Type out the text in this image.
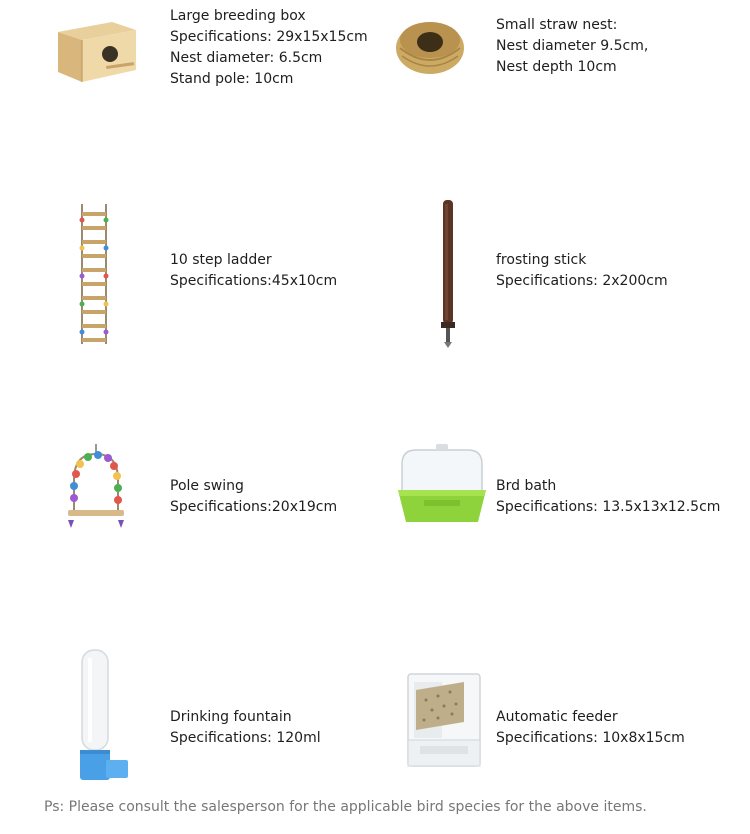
Large breeding box
Specifications: 29x15x15cm
Nest diameter: 6.5cm
Stand pole: 10cm
Small straw nest:
Nest diameter 9.5cm,
Nest depth 10cm
10 step ladder
Specifications:45x10cm
frosting stick
Specifications: 2x200cm
Pole swing
Specifications:20x19cm
Brd bath
Specifications: 13.5x13x12.5cm
Drinking fountain
Specifications: 120ml
Automatic feeder
Specifications: 10x8x15cm
Ps: Please consult the salesperson for the applicable bird species for the above items.
